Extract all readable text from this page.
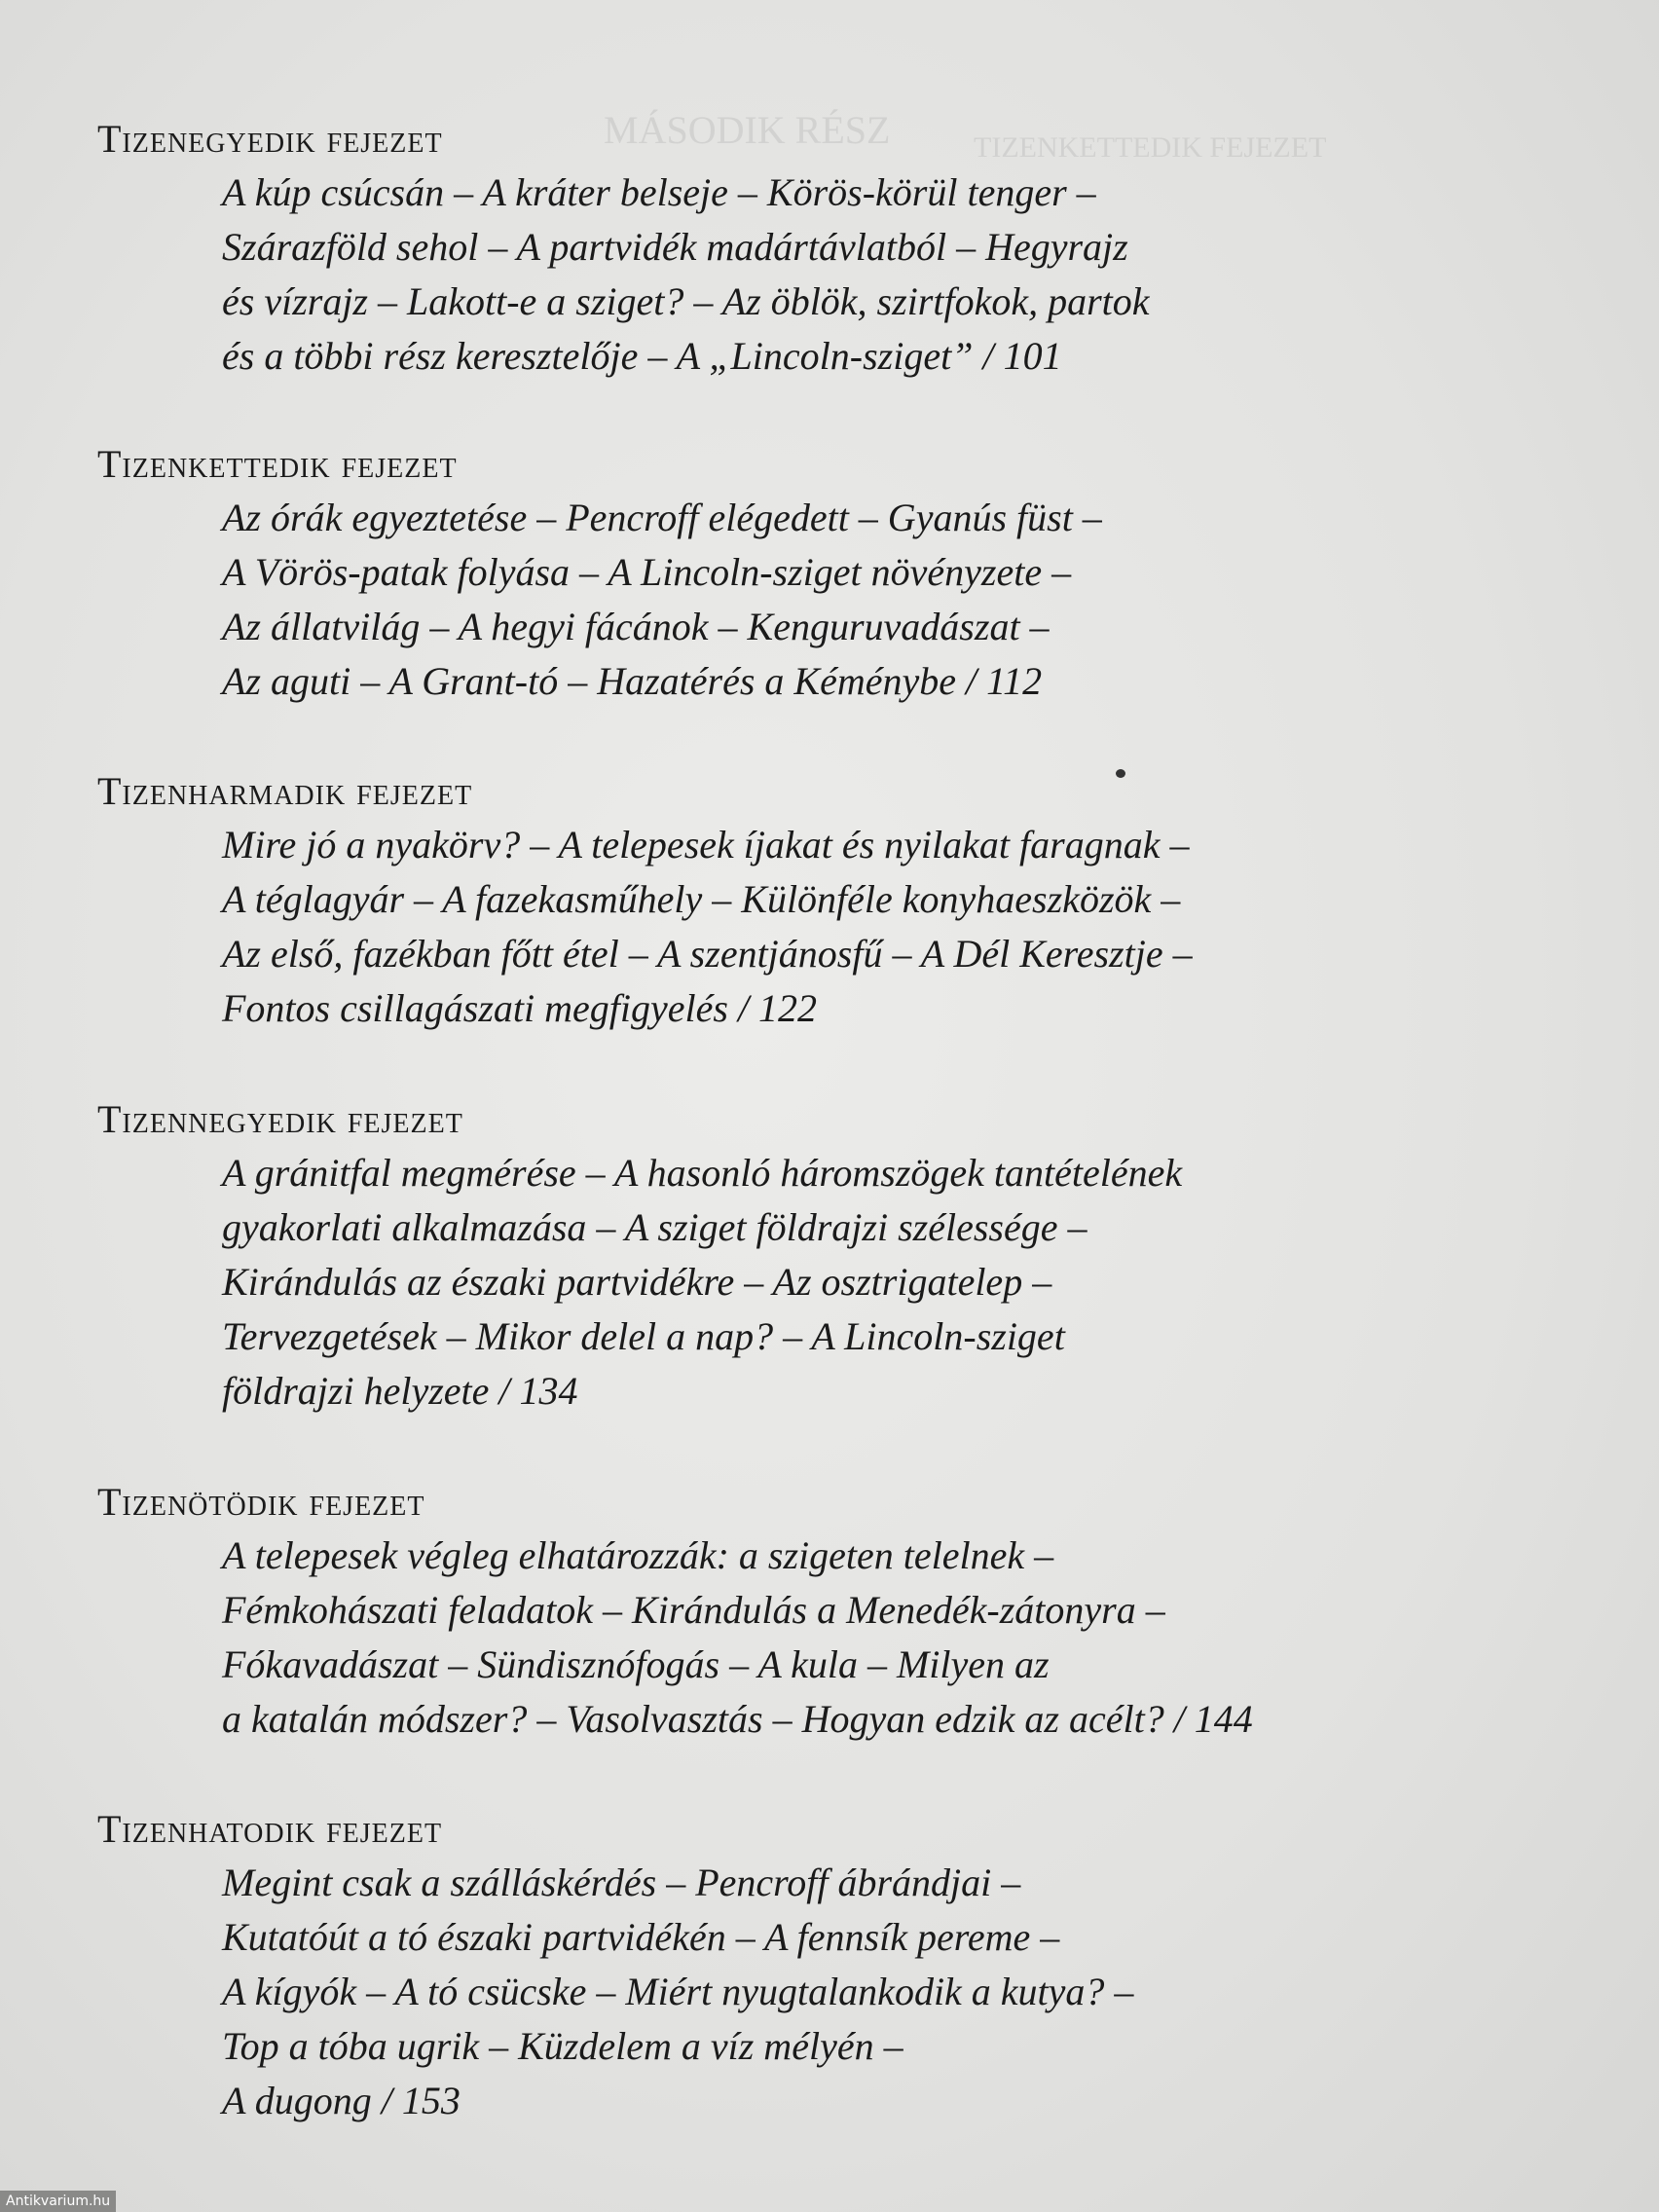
MÁSODIK RÉSZ	TIZENKETTEDIK FEJEZET
Tizenegyedik fejezet
A kúp csúcsán – A kráter belseje – Körös-körül tenger –
Szárazföld sehol – A partvidék madártávlatból – Hegyrajz
és vízrajz – Lakott-e a sziget? – Az öblök, szirtfokok, partok
és a többi rész keresztelője – A „Lincoln-sziget” / 101
Tizenkettedik fejezet
Az órák egyeztetése – Pencroff elégedett – Gyanús füst –
A Vörös-patak folyása – A Lincoln-sziget növényzete –
Az állatvilág – A hegyi fácánok – Kenguruvadászat –
Az aguti – A Grant-tó – Hazatérés a Kéménybe / 112
Tizenharmadik fejezet
Mire jó a nyakörv? – A telepesek íjakat és nyilakat faragnak –
A téglagyár – A fazekasműhely – Különféle konyhaeszközök –
Az első, fazékban főtt étel – A szentjánosfű – A Dél Keresztje –
Fontos csillagászati megfigyelés / 122
Tizennegyedik fejezet
A gránitfal megmérése – A hasonló háromszögek tantételének
gyakorlati alkalmazása – A sziget földrajzi szélessége –
Kirándulás az északi partvidékre – Az osztrigatelep –
Tervezgetések – Mikor delel a nap? – A Lincoln-sziget
földrajzi helyzete / 134
Tizenötödik fejezet
A telepesek végleg elhatározzák: a szigeten telelnek –
Fémkohászati feladatok – Kirándulás a Menedék-zátonyra –
Fókavadászat – Sündisznófogás – A kula – Milyen az
a katalán módszer? – Vasolvasztás – Hogyan edzik az acélt? / 144
Tizenhatodik fejezet
Megint csak a szálláskérdés – Pencroff ábrándjai –
Kutatóút a tó északi partvidékén – A fennsík pereme –
A kígyók – A tó csücske – Miért nyugtalankodik a kutya? –
Top a tóba ugrik – Küzdelem a víz mélyén –
A dugong / 153
Antikvarium.hu
